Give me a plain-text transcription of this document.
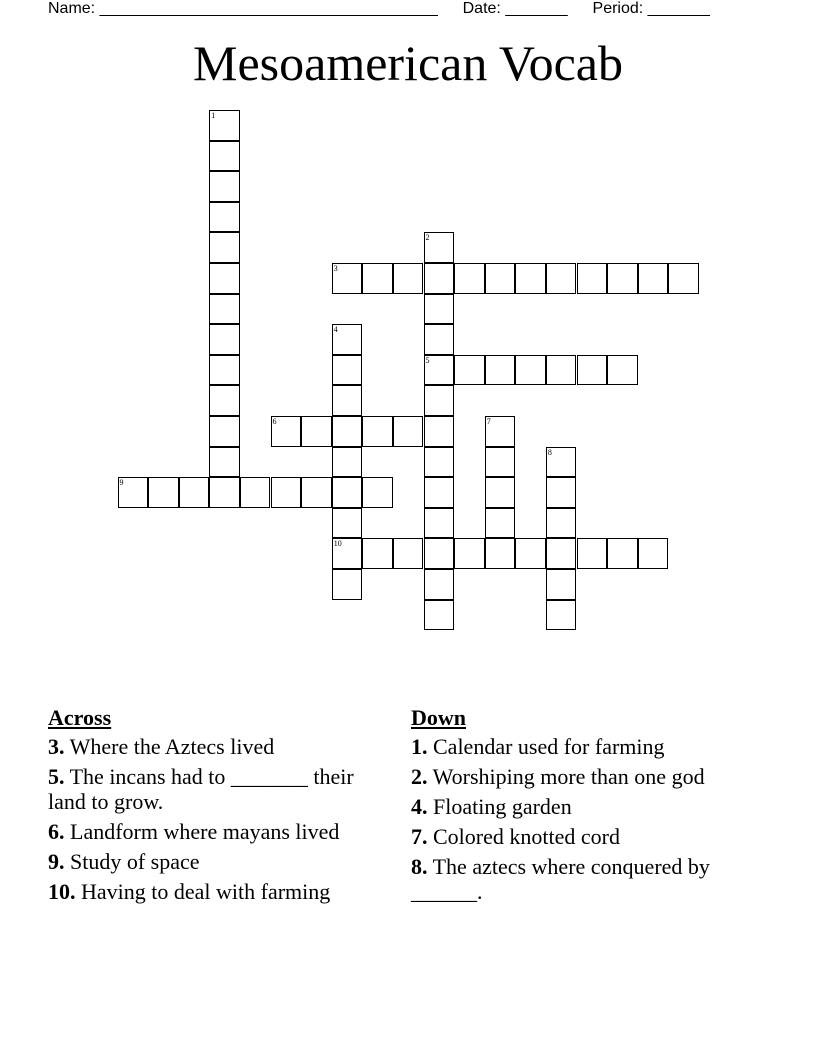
Name: ______________________________________ Date: _______ Period: _______
Mesoamerican Vocab
1
2
3
4
5
6	7
8
9
10
Across
3. Where the Aztecs lived
5. The incans had to _______ their land to grow.
6. Landform where mayans lived
9. Study of space
10. Having to deal with farming
Down
1. Calendar used for farming
2. Worshiping more than one god
4. Floating garden
7. Colored knotted cord
8. The aztecs where conquered by ______.
